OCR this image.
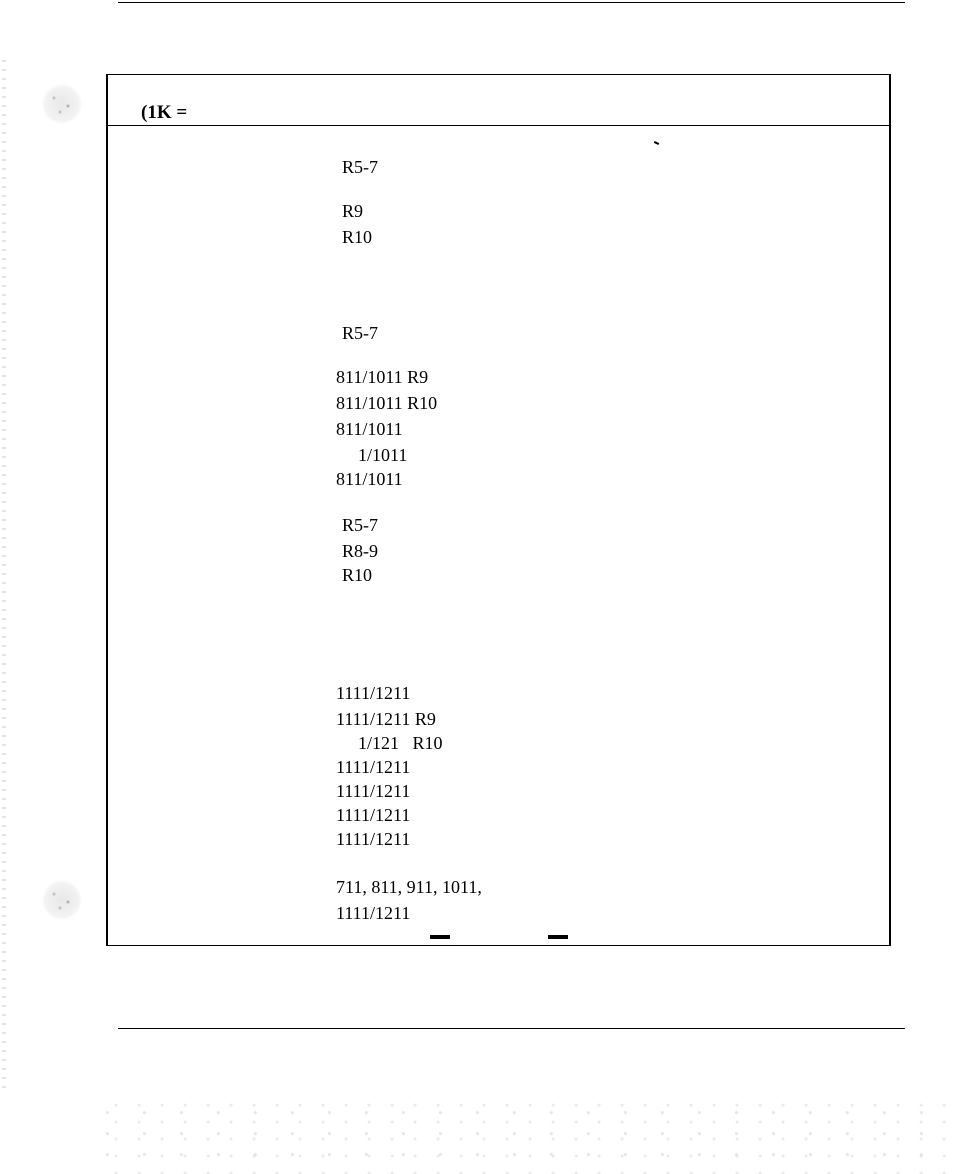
(1K =
R5-7
R9
R10
R5-7
811/1011 R9
811/1011 R10
811/1011
1/1011
811/1011
R5-7
R8-9
R10
1111/1211
1111/1211 R9
1/121   R10
1111/1211
1111/1211
1111/1211
1111/1211
711, 811, 911, 1011,
1111/1211
